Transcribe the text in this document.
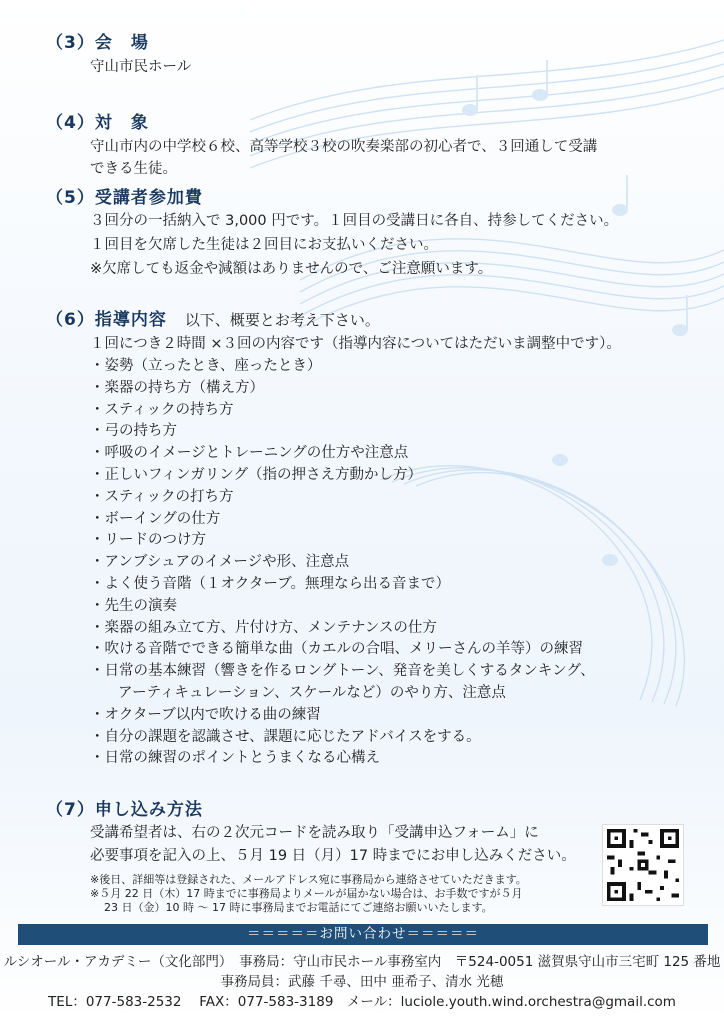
（3）会　場

守山市民ホール

（4）対　象

守山市内の中学校６校、高等学校３校の吹奏楽部の初心者で、３回通して受講

できる生徒。

（5）受講者参加費

３回分の一括納入で 3,000 円です。１回目の受講日に各自、持参してください。

１回目を欠席した生徒は２回目にお支払いください。

※欠席しても返金や減額はありませんので、ご注意願います。

（6）指導内容 以下、概要とお考え下さい。

１回につき２時間 ×３回の内容です（指導内容についてはただいま調整中です）。

・姿勢（立ったとき、座ったとき）
・楽器の持ち方（構え方）
・スティックの持ち方
・弓の持ち方
・呼吸のイメージとトレーニングの仕方や注意点
・正しいフィンガリング（指の押さえ方動かし方）
・スティックの打ち方
・ボーイングの仕方
・リードのつけ方
・アンブシュアのイメージや形、注意点
・よく使う音階（１オクターブ。無理なら出る音まで）
・先生の演奏
・楽器の組み立て方、片付け方、メンテナンスの仕方
・吹ける音階でできる簡単な曲（カエルの合唱、メリーさんの羊等）の練習
・日常の基本練習（響きを作るロングトーン、発音を美しくするタンキング、
アーティキュレーション、スケールなど）のやり方、注意点
・オクターブ以内で吹ける曲の練習
・自分の課題を認識させ、課題に応じたアドバイスをする。
・日常の練習のポイントとうまくなる心構え
（7）申し込み方法

受講希望者は、右の２次元コードを読み取り「受講申込フォーム」に

必要事項を記入の上、５月 19 日（月）17 時までにお申し込みください。

※後日、詳細等は登録された、メールアドレス宛に事務局から連絡させていただきます。
※５月 22 日（木）17 時までに事務局よりメールが届かない場合は、お手数ですが５月
23 日（金）10 時 ～ 17 時に事務局までお電話にてご連絡お願いいたします。
＝＝＝＝＝お問い合わせ＝＝＝＝＝
ルシオール・アカデミー（文化部門）　事務局：守山市民ホール事務室内　〒524-0051 滋賀県守山市三宅町 125 番地
事務局員：武藤 千尋、田中 亜希子、清水 光穂
TEL：077-583-2532　 FAX：077-583-3189　メール：luciole.youth.wind.orchestra@gmail.com
